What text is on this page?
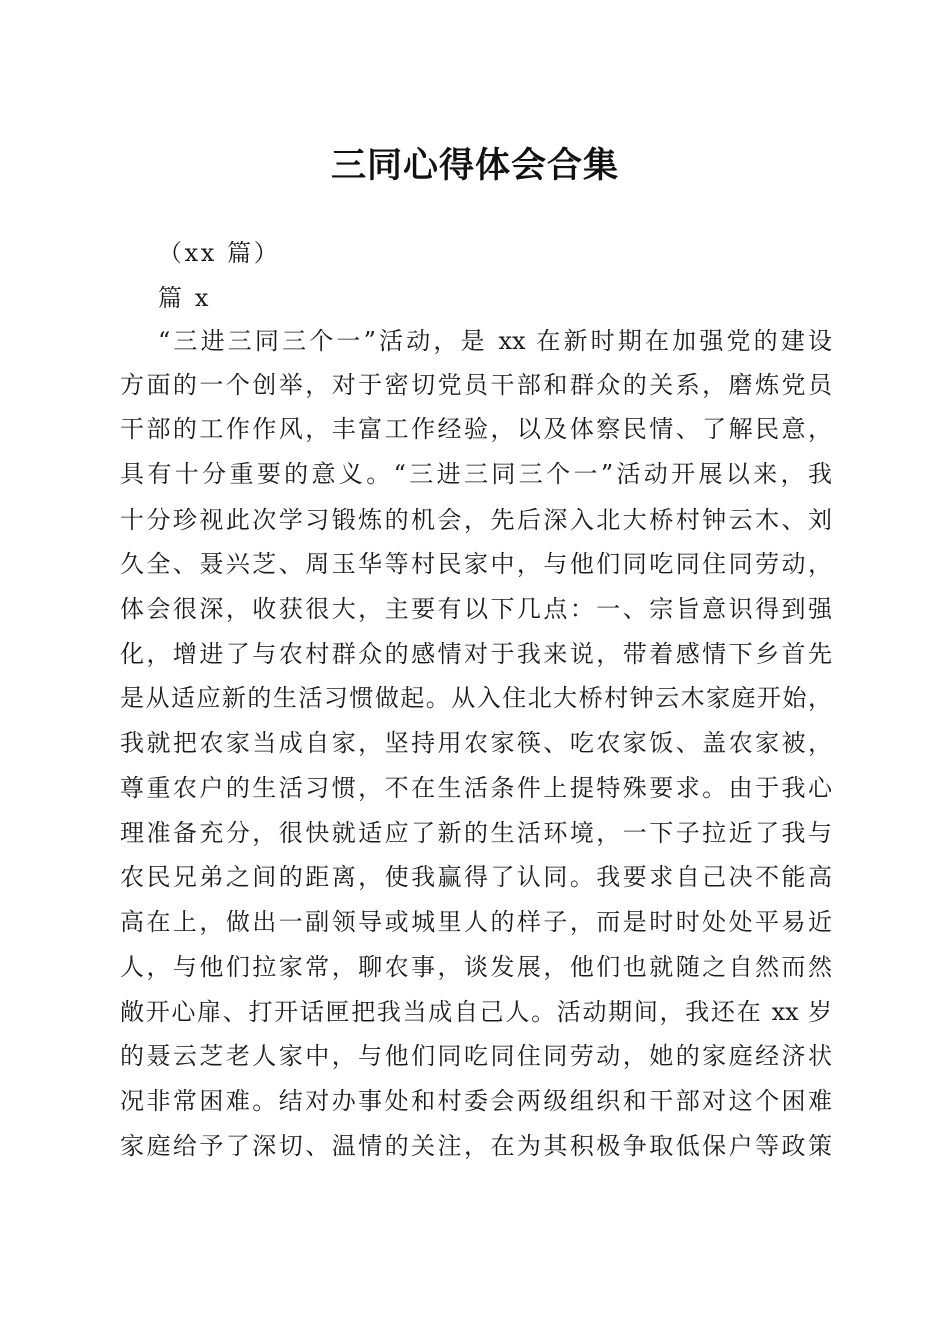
三同心得体会合集
（xx 篇）
篇 x
“三进三同三个一”活动，是 xx 在新时期在加强党的建设
方面的一个创举，对于密切党员干部和群众的关系，磨炼党员
干部的工作作风，丰富工作经验，以及体察民情、了解民意，
具有十分重要的意义。“三进三同三个一”活动开展以来，我
十分珍视此次学习锻炼的机会，先后深入北大桥村钟云木、刘
久全、聂兴芝、周玉华等村民家中，与他们同吃同住同劳动，
体会很深，收获很大，主要有以下几点：一、宗旨意识得到强
化，增进了与农村群众的感情对于我来说，带着感情下乡首先
是从适应新的生活习惯做起。从入住北大桥村钟云木家庭开始，
我就把农家当成自家，坚持用农家筷、吃农家饭、盖农家被，
尊重农户的生活习惯，不在生活条件上提特殊要求。由于我心
理准备充分，很快就适应了新的生活环境，一下子拉近了我与
农民兄弟之间的距离，使我赢得了认同。我要求自己决不能高
高在上，做出一副领导或城里人的样子，而是时时处处平易近
人，与他们拉家常，聊农事，谈发展，他们也就随之自然而然
敞开心扉、打开话匣把我当成自己人。活动期间，我还在 xx 岁
的聂云芝老人家中，与他们同吃同住同劳动，她的家庭经济状
况非常困难。结对办事处和村委会两级组织和干部对这个困难
家庭给予了深切、温情的关注，在为其积极争取低保户等政策
